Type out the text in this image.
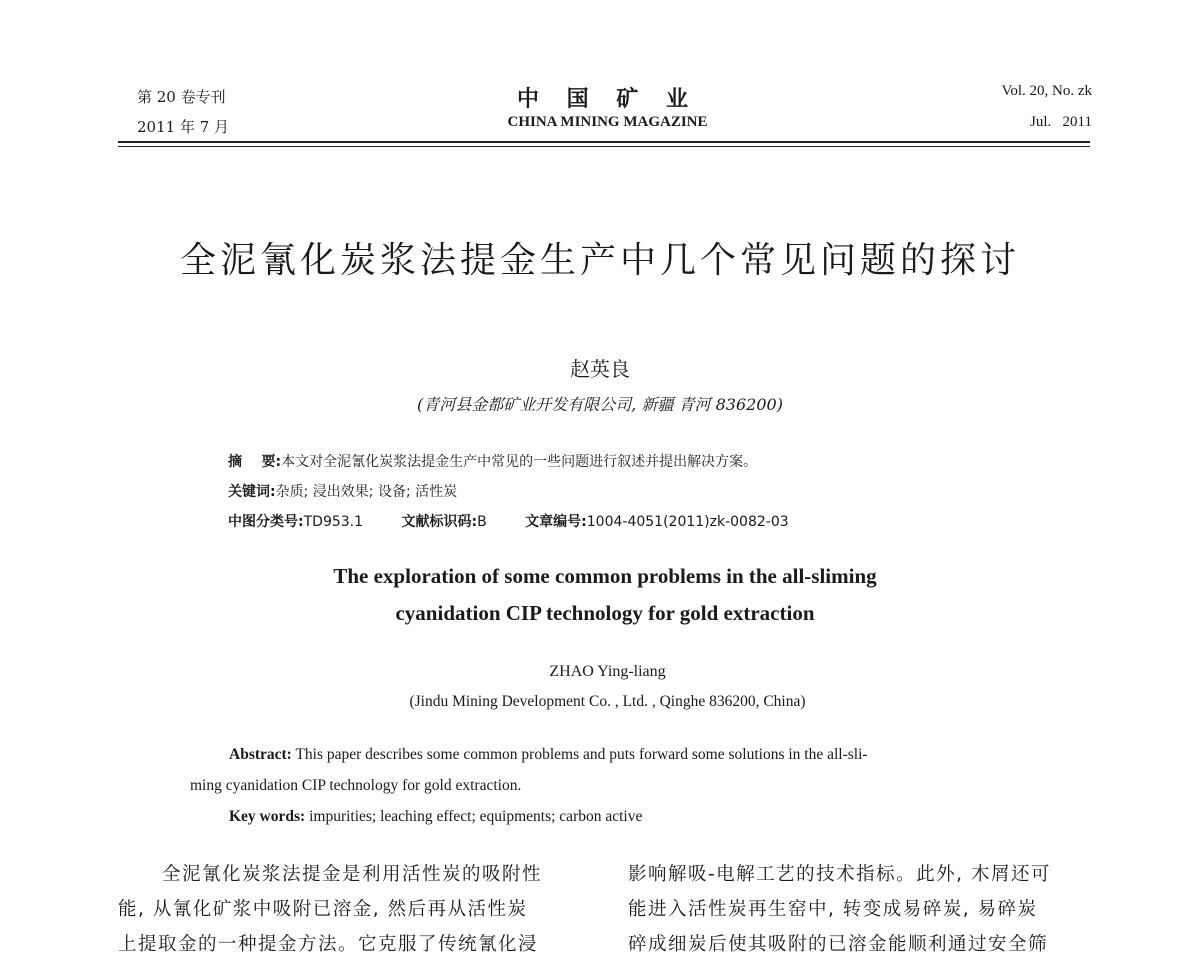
第 20 卷专刊
2011 年 7 月
中 国 矿 业
CHINA MINING MAGAZINE
Vol. 20, No. zk
Jul.   2011
全泥氰化炭浆法提金生产中几个常见问题的探讨
赵英良
(青河县金都矿业开发有限公司, 新疆 青河 836200)
摘    要:本文对全泥氰化炭浆法提金生产中常见的一些问题进行叙述并提出解决方案。
关键词:杂质; 浸出效果; 设备; 活性炭
中图分类号:TD953.1	文献标识码:B	文章编号:1004-4051(2011)zk-0082-03
The exploration of some common problems in the all-sliming
cyanidation CIP technology for gold extraction
ZHAO Ying-liang
(Jindu Mining Development Co. , Ltd. , Qinghe 836200, China)
Abstract: This paper describes some common problems and puts forward some solutions in the all-sli-
ming cyanidation CIP technology for gold extraction.
Key words: impurities; leaching effect; equipments; carbon active
全泥氰化炭浆法提金是利用活性炭的吸附性
能, 从氰化矿浆中吸附已溶金, 然后再从活性炭
上提取金的一种提金方法。它克服了传统氰化浸
影响解吸-电解工艺的技术指标。此外, 木屑还可
能进入活性炭再生窑中, 转变成易碎炭, 易碎炭
碎成细炭后使其吸附的已溶金能顺利通过安全筛
